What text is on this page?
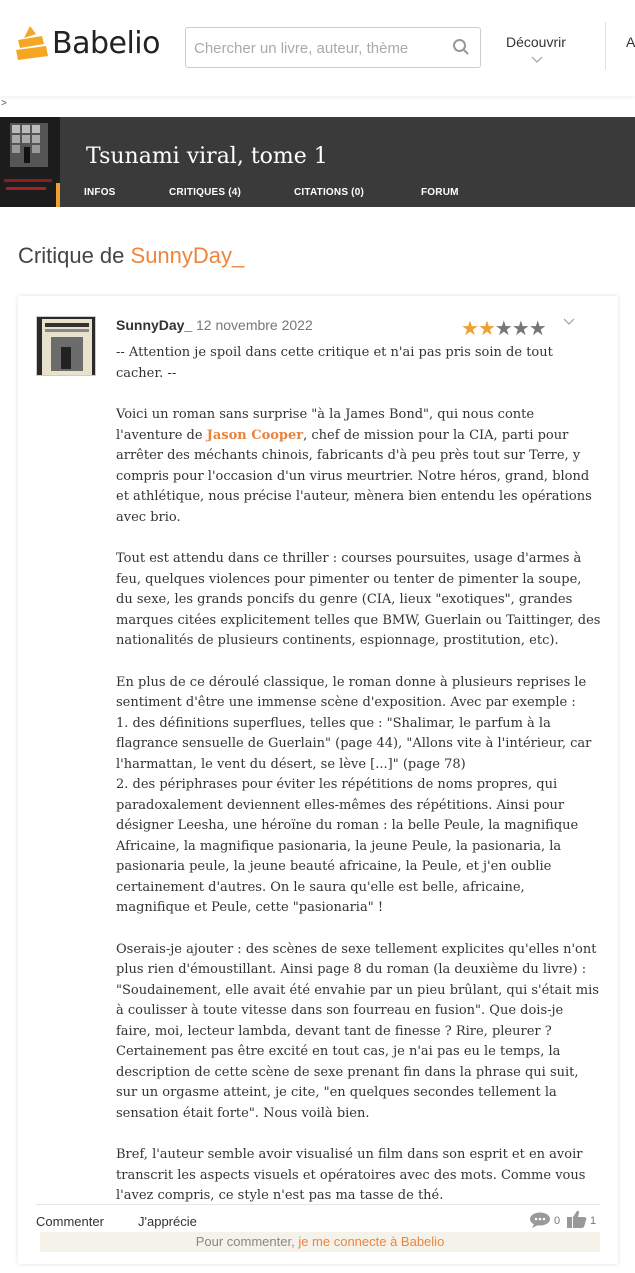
Babelio
Chercher un livre, auteur, thème	Découvrir	A
>
Tsunami viral, tome 1
INFOS	CRITIQUES (4)	CITATIONS (0)	FORUM
Critique de SunnyDay_
SunnyDay_ 12 novembre 2022	★★★★★

-- Attention je spoil dans cette critique et n'ai pas pris soin de tout cacher. --

Voici un roman sans surprise "à la James Bond", qui nous conte l'aventure de Jason Cooper, chef de mission pour la CIA, parti pour arrêter des méchants chinois, fabricants d'à peu près tout sur Terre, y compris pour l'occasion d'un virus meurtrier. Notre héros, grand, blond et athlétique, nous précise l'auteur, mènera bien entendu les opérations avec brio.

Tout est attendu dans ce thriller : courses poursuites, usage d'armes à feu, quelques violences pour pimenter ou tenter de pimenter la soupe, du sexe, les grands poncifs du genre (CIA, lieux "exotiques", grandes marques citées explicitement telles que BMW, Guerlain ou Taittinger, des nationalités de plusieurs continents, espionnage, prostitution, etc).

En plus de ce déroulé classique, le roman donne à plusieurs reprises le sentiment d'être une immense scène d'exposition. Avec par exemple :
1. des définitions superflues, telles que : "Shalimar, le parfum à la flagrance sensuelle de Guerlain" (page 44), "Allons vite à l'intérieur, car l'harmattan, le vent du désert, se lève [...]" (page 78)
2. des périphrases pour éviter les répétitions de noms propres, qui paradoxalement deviennent elles-mêmes des répétitions. Ainsi pour désigner Leesha, une héroïne du roman : la belle Peule, la magnifique Africaine, la magnifique pasionaria, la jeune Peule, la pasionaria, la pasionaria peule, la jeune beauté africaine, la Peule, et j'en oublie certainement d'autres. On le saura qu'elle est belle, africaine, magnifique et Peule, cette "pasionaria" !

Oserais-je ajouter : des scènes de sexe tellement explicites qu'elles n'ont plus rien d'émoustillant. Ainsi page 8 du roman (la deuxième du livre) : "Soudainement, elle avait été envahie par un pieu brûlant, qui s'était mis à coulisser à toute vitesse dans son fourreau en fusion". Que dois-je faire, moi, lecteur lambda, devant tant de finesse ? Rire, pleurer ? Certainement pas être excité en tout cas, je n'ai pas eu le temps, la description de cette scène de sexe prenant fin dans la phrase qui suit, sur un orgasme atteint, je cite, "en quelques secondes tellement la sensation était forte". Nous voilà bien.

Bref, l'auteur semble avoir visualisé un film dans son esprit et en avoir transcrit les aspects visuels et opératoires avec des mots. Comme vous l'avez compris, ce style n'est pas ma tasse de thé.

Commenter	J'apprécie	0	1
Pour commenter, je me connecte à Babelio
